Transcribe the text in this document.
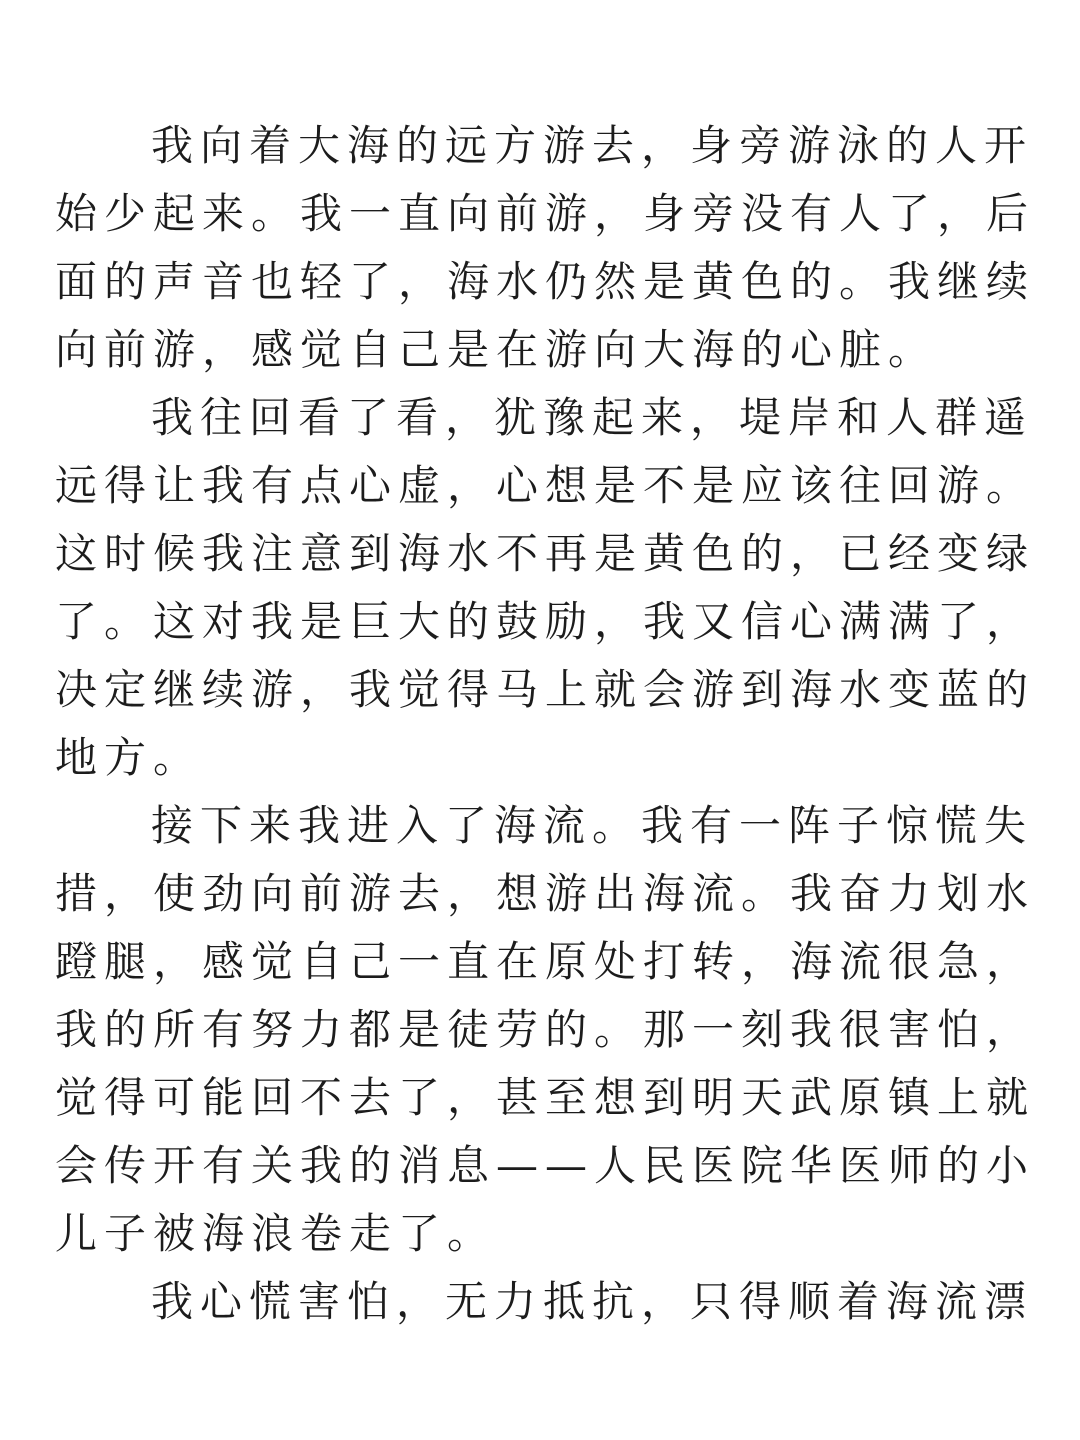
我向着大海的远方游去，身旁游泳的人开
始少起来。我一直向前游，身旁没有人了，后
面的声音也轻了，海水仍然是黄色的。我继续
向前游，感觉自己是在游向大海的心脏。
我往回看了看，犹豫起来，堤岸和人群遥
远得让我有点心虚，心想是不是应该往回游。
这时候我注意到海水不再是黄色的，已经变绿
了。这对我是巨大的鼓励，我又信心满满了，
决定继续游，我觉得马上就会游到海水变蓝的
地方。
接下来我进入了海流。我有一阵子惊慌失
措，使劲向前游去，想游出海流。我奋力划水
蹬腿，感觉自己一直在原处打转，海流很急，
我的所有努力都是徒劳的。那一刻我很害怕，
觉得可能回不去了，甚至想到明天武原镇上就
会传开有关我的消息——人民医院华医师的小
儿子被海浪卷走了。
我心慌害怕，无力抵抗，只得顺着海流漂
